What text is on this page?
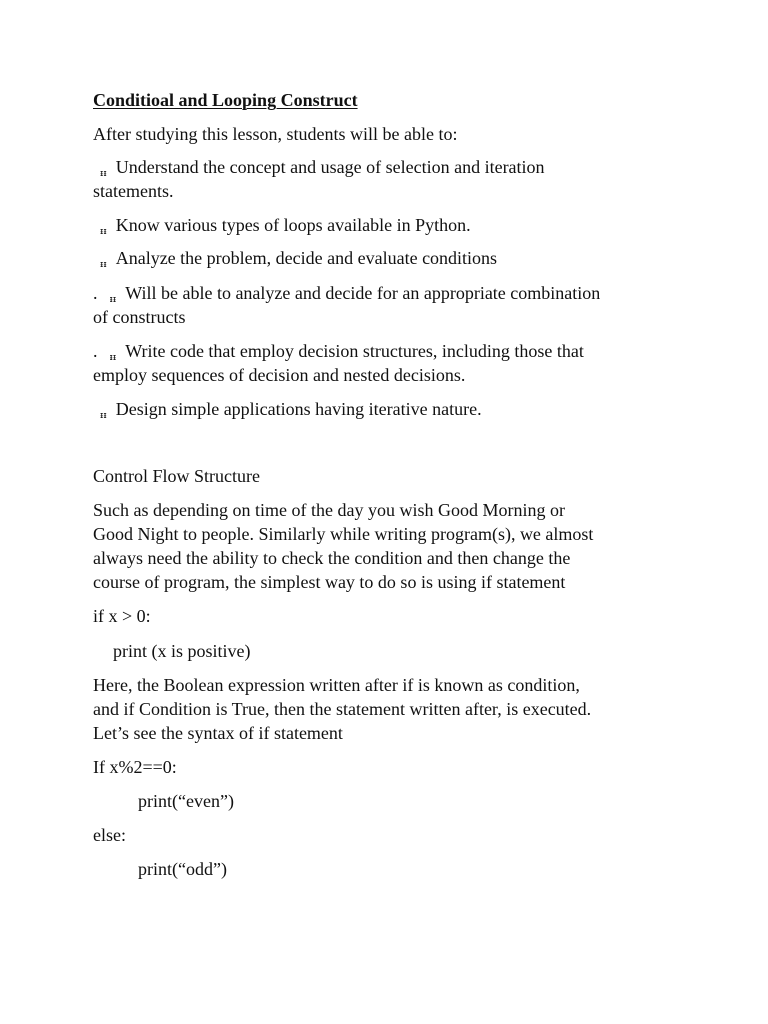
Conditioal and Looping Construct

After studying this lesson, students will be able to:

ᵻᵻ Understand the concept and usage of selection and iteration

statements.

ᵻᵻ Know various types of loops available in Python.

ᵻᵻ Analyze the problem, decide and evaluate conditions

. ᵻᵻ Will be able to analyze and decide for an appropriate combination

of constructs

. ᵻᵻ Write code that employ decision structures, including those that

employ sequences of decision and nested decisions.

ᵻᵻ Design simple applications having iterative nature.

Control Flow Structure

Such as depending on time of the day you wish Good Morning or

Good Night to people. Similarly while writing program(s), we almost

always need the ability to check the condition and then change the

course of program, the simplest way to do so is using if statement

if x > 0:

print (x is positive)

Here, the Boolean expression written after if is known as condition,

and if Condition is True, then the statement written after, is executed.

Let’s see the syntax of if statement

If x%2==0:

print(“even”)

else:

print(“odd”)
